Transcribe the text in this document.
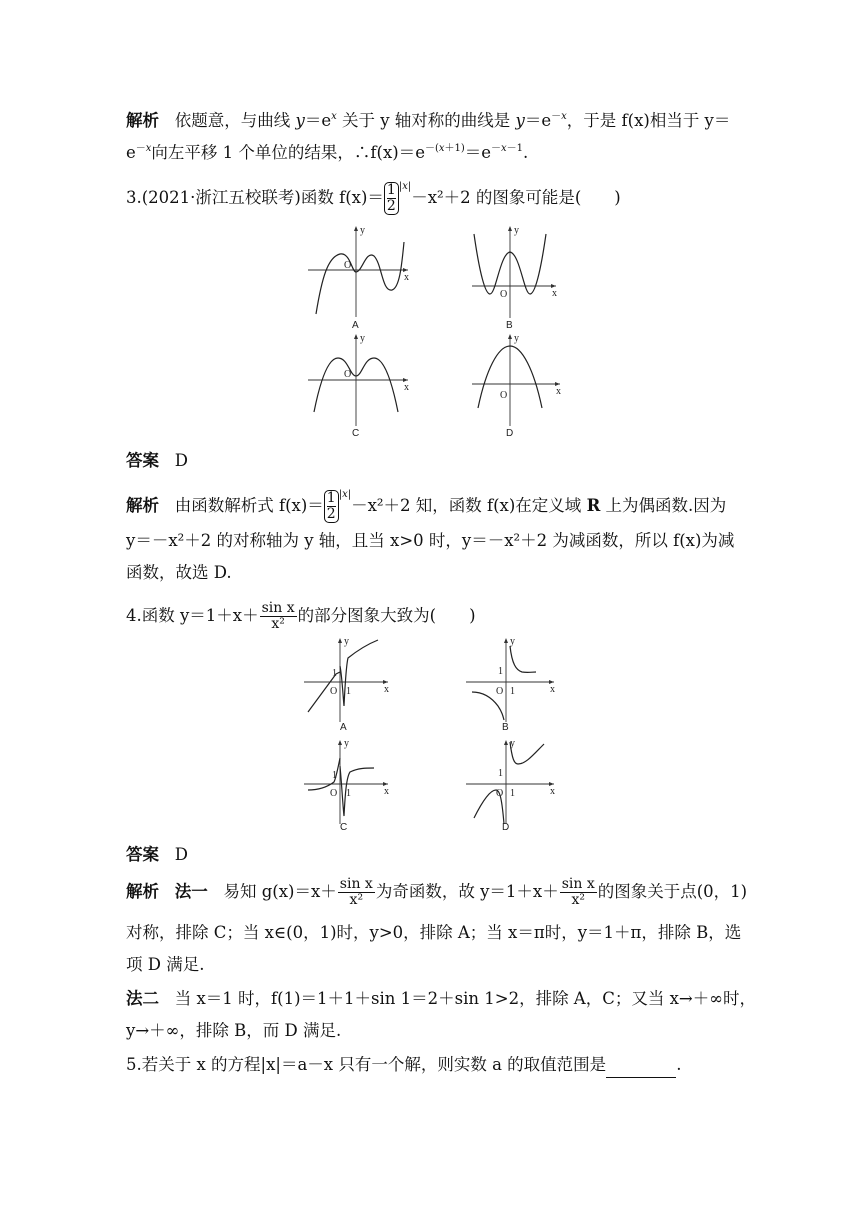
解析 依题意，与曲线 $y=e^x$ 关于 y 轴对称的曲线是 $y=e^{-x}$，于是 f(x)相当于 y＝
$e^{-x}$向左平移 1 个单位的结果，$\therefore f(x)=e^{-(x+1)}=e^{-x-1}$.
3.(2021·浙江五校联考)函数 $f(x)= \frac{1}{2} ^{|x|}-x^2+2$ 的图象可能是(　　)
y
x
O
A
y
x
O
B
y
x
O
C
y
x
O
D
答案 D
解析 由函数解析式 $f(x)= \frac{1}{2} ^{|x|}-x^2+2$ 知，函数 f(x)在定义域 R 上为偶函数.因为
y＝－x²＋2 的对称轴为 y 轴，且当 x>0 时，y＝－x²＋2 为减函数，所以 f(x)为减
函数，故选 D.
4.函数 $y=1+x+ \frac{\text{sin x}}{\text{x²}}$ 的部分图象大致为(　　)
y
x
O
1
1
A
y
x
O
1
1
B
y
x
O
1
1
C
y
x
O
1
1
D
答案 D
解析 法一 易知 $g(x)=x+ \frac{\text{sin x}}{\text{x²}}$ 为奇函数，故 $y=1+x+ \frac{\text{sin x}}{\text{x²}}$ 的图象关于点(0，1)
对称，排除 C；当 x∈(0，1)时，y>0，排除 A；当 x＝π时，y＝1＋π，排除 B，选
项 D 满足.
法二 当 x＝1 时，f(1)＝1＋1＋sin 1＝2＋sin 1>2，排除 A，C；又当 x→＋∞时，
y→＋∞，排除 B，而 D 满足.
5.若关于 x 的方程|x|＝a－x 只有一个解，则实数 a 的取值范围是	.
